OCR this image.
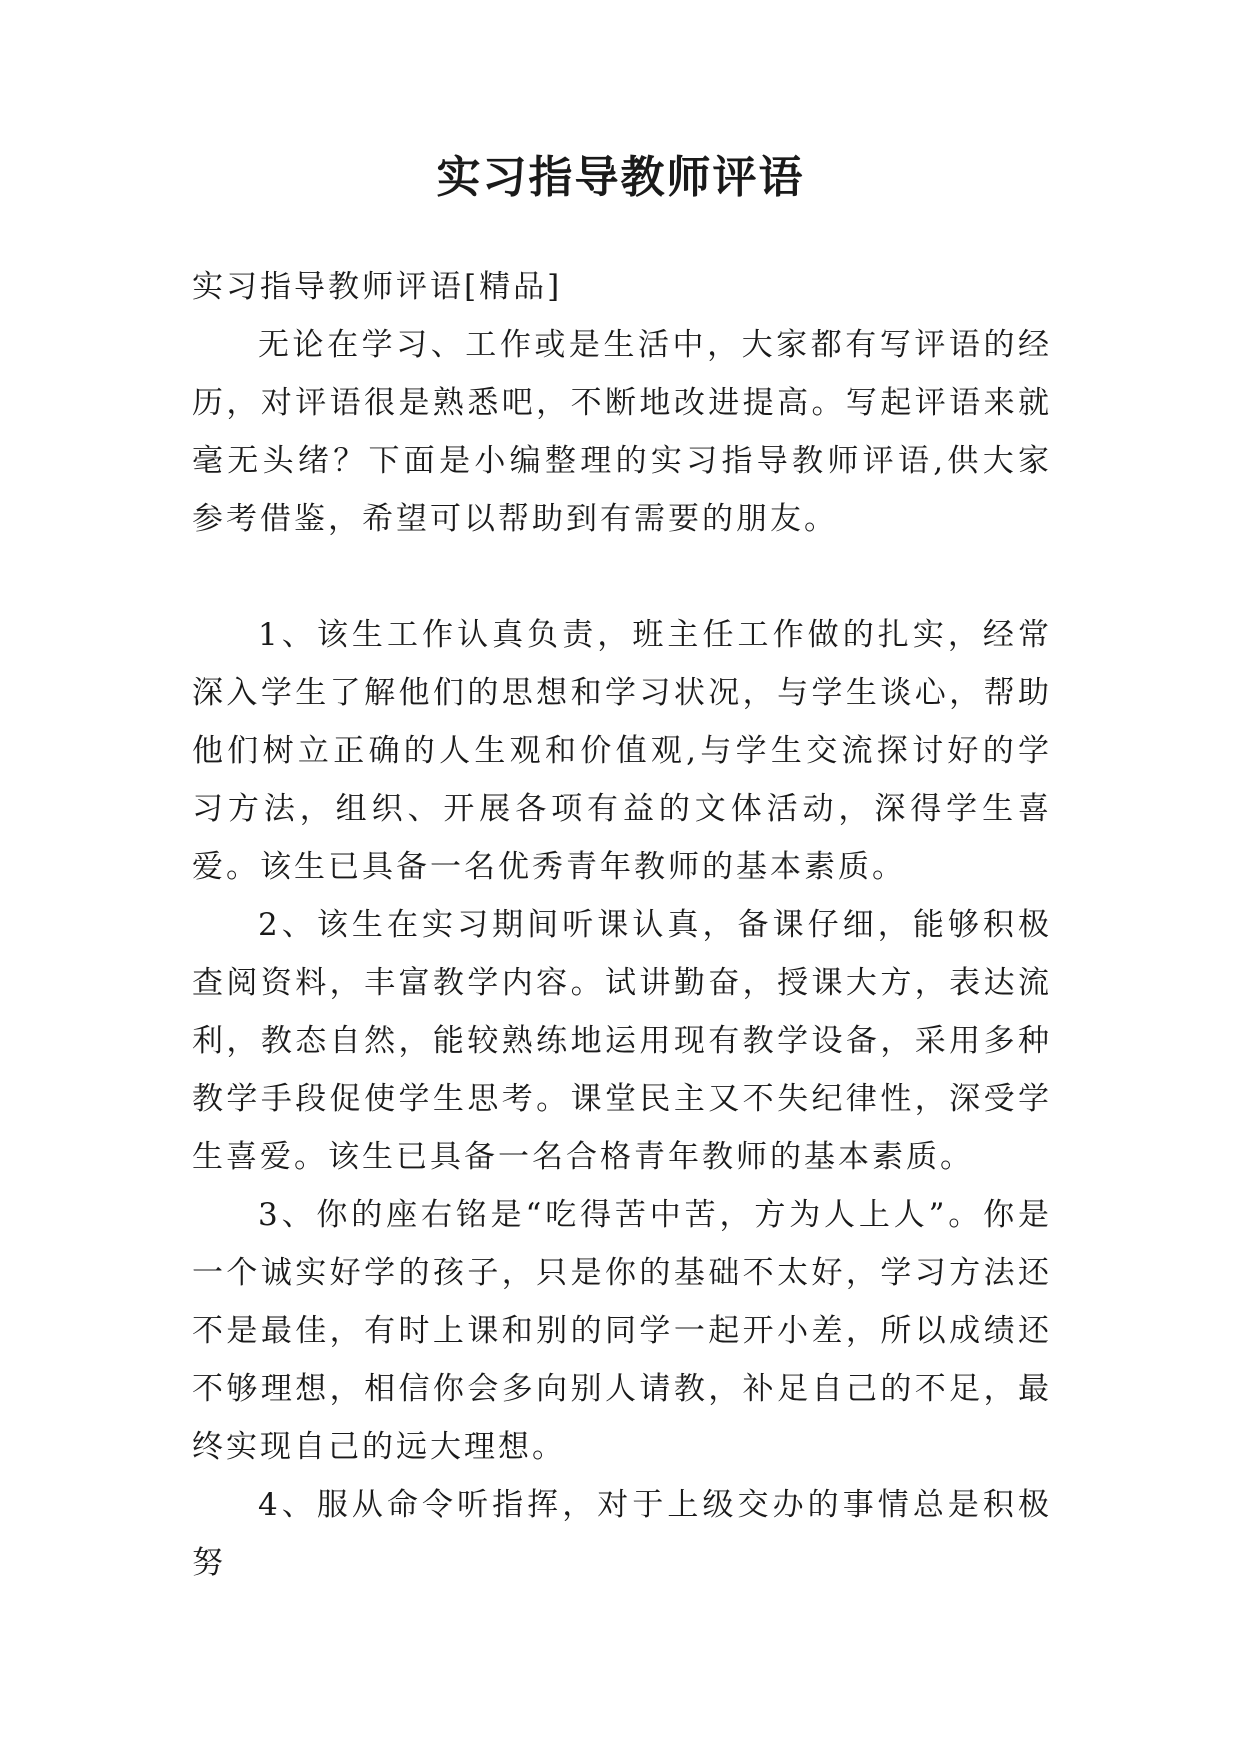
实习指导教师评语

实习指导教师评语[精品]

无论在学习、工作或是生活中，大家都有写评语的经历，对评语很是熟悉吧，不断地改进提高。写起评语来就毫无头绪？下面是小编整理的实习指导教师评语,供大家参考借鉴，希望可以帮助到有需要的朋友。

1、该生工作认真负责，班主任工作做的扎实，经常深入学生了解他们的思想和学习状况，与学生谈心，帮助他们树立正确的人生观和价值观,与学生交流探讨好的学习方法，组织、开展各项有益的文体活动，深得学生喜爱。该生已具备一名优秀青年教师的基本素质。

2、该生在实习期间听课认真，备课仔细，能够积极查阅资料，丰富教学内容。试讲勤奋，授课大方，表达流利，教态自然，能较熟练地运用现有教学设备，采用多种教学手段促使学生思考。课堂民主又不失纪律性，深受学生喜爱。该生已具备一名合格青年教师的基本素质。

3、你的座右铭是“吃得苦中苦，方为人上人”。你是一个诚实好学的孩子，只是你的基础不太好，学习方法还不是最佳，有时上课和别的同学一起开小差，所以成绩还不够理想，相信你会多向别人请教，补足自己的不足，最终实现自己的远大理想。

4、服从命令听指挥，对于上级交办的事情总是积极努
